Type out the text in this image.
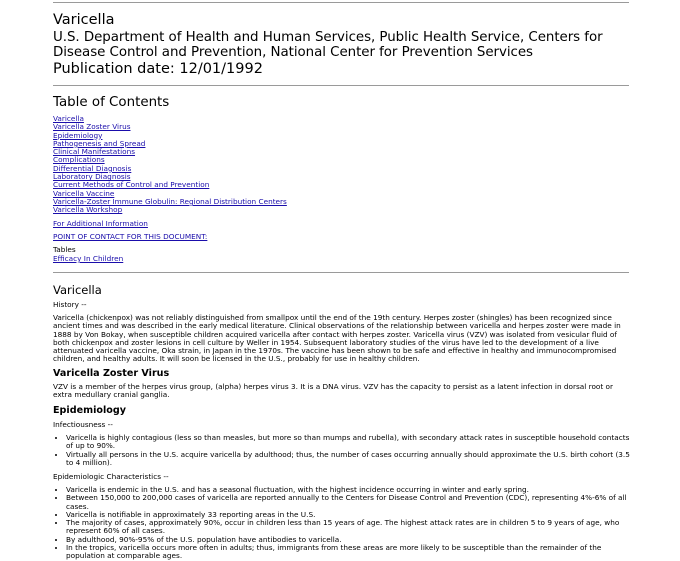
Varicella
U.S. Department of Health and Human Services, Public Health Service, Centers for Disease Control and Prevention, National Center for Prevention Services
Publication date: 12/01/1992
Table of Contents
Varicella
Varicella Zoster Virus
Epidemiology
Pathogenesis and Spread
Clinical Manifestations
Complications
Differential Diagnosis
Laboratory Diagnosis
Current Methods of Control and Prevention
Varicella Vaccine
Varicella-Zoster Immune Globulin: Regional Distribution Centers
Varicella Workshop
For Additional Information
POINT OF CONTACT FOR THIS DOCUMENT:
Tables
Efficacy In Children
Varicella
History --
Varicella (chickenpox) was not reliably distinguished from smallpox until the end of the 19th century. Herpes zoster (shingles) has been recognized since ancient times and was described in the early medical literature. Clinical observations of the relationship between varicella and herpes zoster were made in 1888 by Von Bokay, when susceptible children acquired varicella after contact with herpes zoster. Varicella virus (VZV) was isolated from vesicular fluid of both chickenpox and zoster lesions in cell culture by Weller in 1954. Subsequent laboratory studies of the virus have led to the development of a live attenuated varicella vaccine, Oka strain, in Japan in the 1970s. The vaccine has been shown to be safe and effective in healthy and immunocompromised children, and healthy adults. It will soon be licensed in the U.S., probably for use in healthy children.
Varicella Zoster Virus
VZV is a member of the herpes virus group, (alpha) herpes virus 3. It is a DNA virus. VZV has the capacity to persist as a latent infection in dorsal root or extra medullary cranial ganglia.
Epidemiology
Infectiousness --
• Varicella is highly contagious (less so than measles, but more so than mumps and rubella), with secondary attack rates in susceptible household contacts of up to 90%.
• Virtually all persons in the U.S. acquire varicella by adulthood; thus, the number of cases occurring annually should approximate the U.S. birth cohort (3.5 to 4 million).
Epidemiologic Characteristics --
• Varicella is endemic in the U.S. and has a seasonal fluctuation, with the highest incidence occurring in winter and early spring.
• Between 150,000 to 200,000 cases of varicella are reported annually to the Centers for Disease Control and Prevention (CDC), representing 4%-6% of all cases.
• Varicella is notifiable in approximately 33 reporting areas in the U.S.
• The majority of cases, approximately 90%, occur in children less than 15 years of age. The highest attack rates are in children 5 to 9 years of age, who represent 60% of all cases.
• By adulthood, 90%-95% of the U.S. population have antibodies to varicella.
• In the tropics, varicella occurs more often in adults; thus, immigrants from these areas are more likely to be susceptible than the remainder of the population at comparable ages.
